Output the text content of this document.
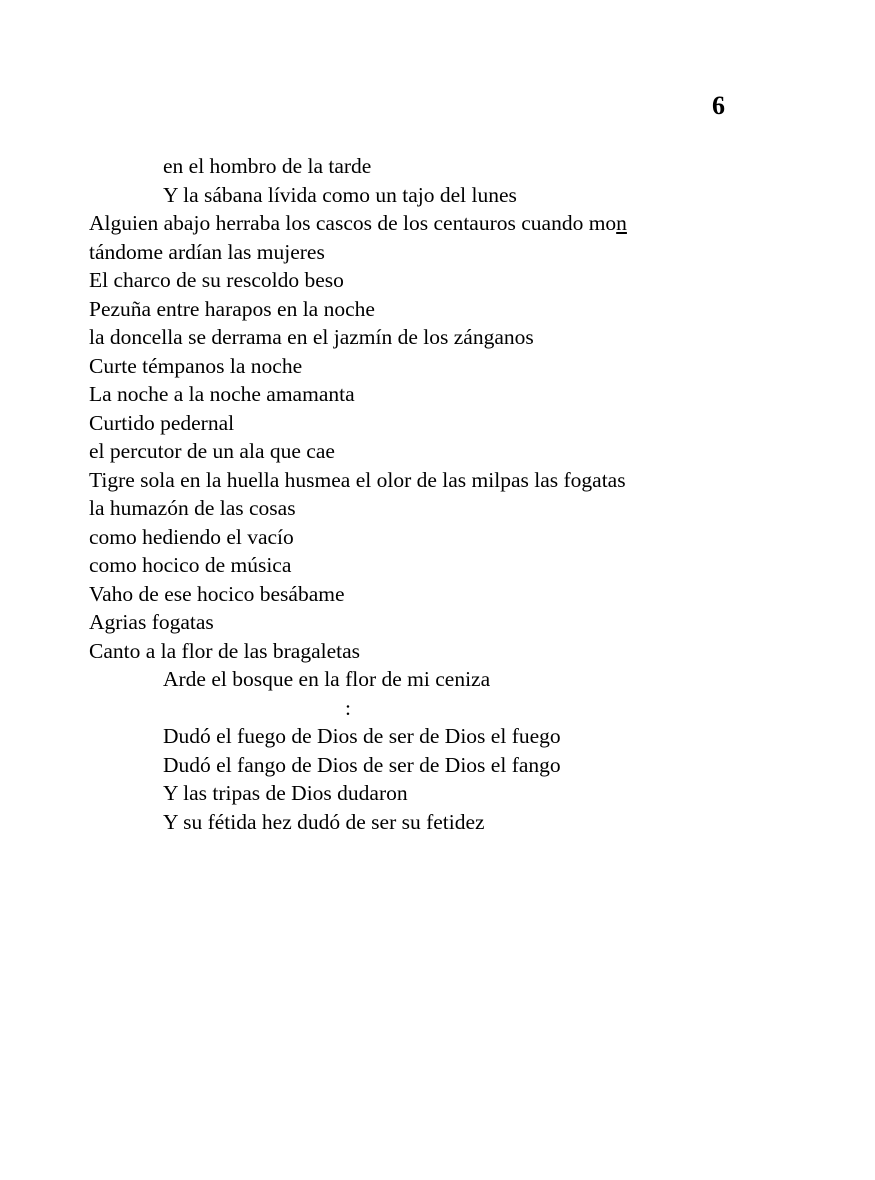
6
en el hombro de la tarde
Y la sábana lívida como un tajo del lunes
Alguien abajo herraba los cascos de los centauros cuando mon
tándome ardían las mujeres
El charco de su rescoldo beso
Pezuña entre harapos en la noche
la doncella se derrama en el jazmín de los zánganos
Curte témpanos la noche
La noche a la noche amamanta
Curtido pedernal
el percutor de un ala que cae
Tigre sola en la huella husmea el olor de las milpas las fogatas
la humazón de las cosas
como hediendo el vacío
como hocico de música
Vaho de ese hocico besábame
Agrias fogatas
Canto a la flor de las bragaletas
Arde el bosque en la flor de mi ceniza
:
Dudó el fuego de Dios de ser de Dios el fuego
Dudó el fango de Dios de ser de Dios el fango
Y las tripas de Dios dudaron
Y su fétida hez dudó de ser su fetidez
